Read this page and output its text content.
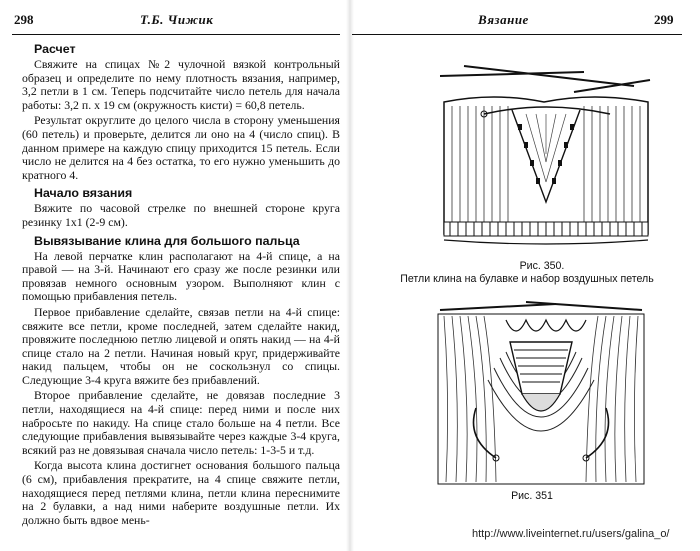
298	Т.Б. Чижик
Расчет

Свяжите на спицах №2 чулочной вязкой контрольный образец и определите по нему плотность вязания, например, 3,2 петли в 1 см. Теперь подсчитайте число петель для начала работы: 3,2 п. х 19 см (окружность кисти) = 60,8 петель.

Результат округлите до целого числа в сторону уменьшения (60 петель) и проверьте, делится ли оно на 4 (число спиц). В данном примере на каждую спицу приходится 15 петель. Если число не делится на 4 без остатка, то его нужно уменьшить до кратного 4.

Начало вязания

Вяжите по часовой стрелке по внешней стороне круга резинку 1х1 (2-9 см).

Вывязывание клина для большого пальца

На левой перчатке клин располагают на 4-й спице, а на правой — на 3-й. Начинают его сразу же после резинки или провязав немного основным узором. Выполняют клин с помощью прибавления петель.

Первое прибавление сделайте, связав петли на 4-й спице: свяжите все петли, кроме последней, затем сделайте накид, провяжите последнюю петлю лицевой и опять накид — на 4-й спице стало на 2 петли. Начиная новый круг, придерживайте накид пальцем, чтобы он не соскользнул со спицы. Следующие 3-4 круга вяжите без прибавлений.

Второе прибавление сделайте, не довязав последние 3 петли, находящиеся на 4-й спице: перед ними и после них набросьте по накиду. На спице стало больше на 4 петли. Все следующие прибавления вывязывайте через каждые 3-4 круга, всякий раз не довязывая сначала число петель: 1-3-5 и т.д.

Когда высота клина достигнет основания большого пальца (6 см), прибавления прекратите, на 4 спице свяжите петли, находящиеся перед петлями клина, петли клина переснимите на 2 булавки, а над ними наберите воздушные петли. Их должно быть вдвое мень-

Вязание	299
Рис. 350.
Петли клина на булавке и набор воздушных петель
Рис. 351
http://www.liveinternet.ru/users/galina_o/
